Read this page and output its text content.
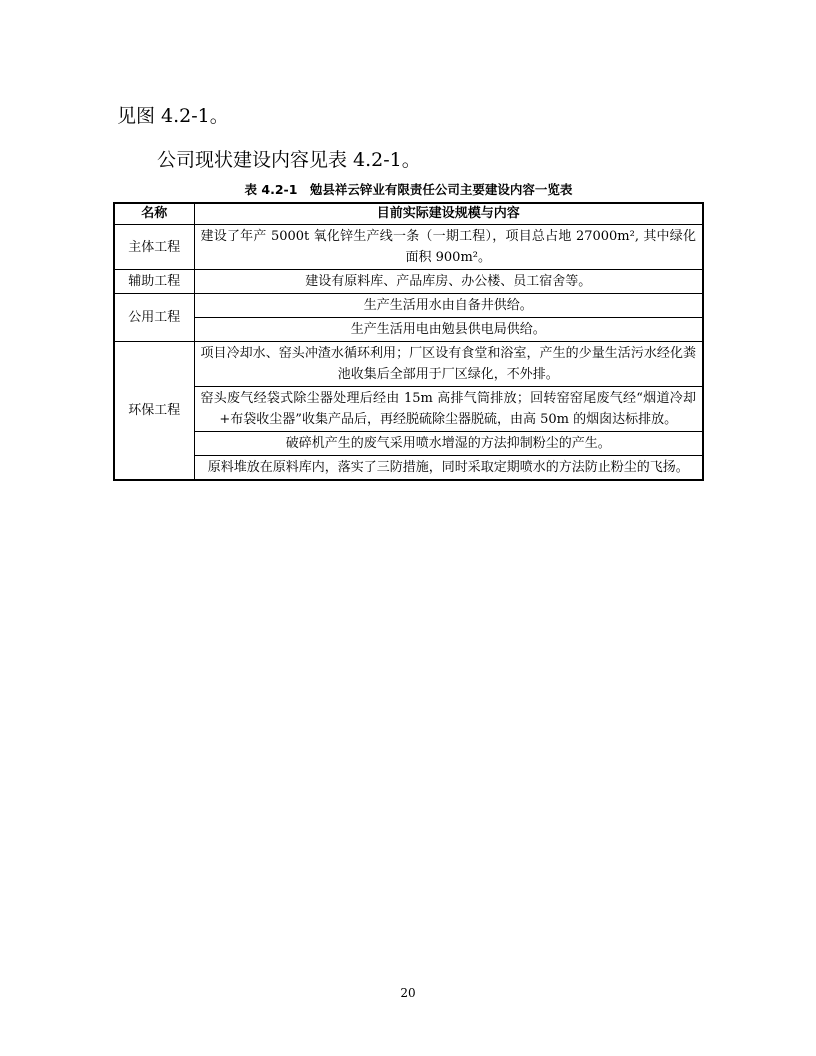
见图 4.2-1。
公司现状建设内容见表 4.2-1。
表 4.2-1　勉县祥云锌业有限责任公司主要建设内容一览表
名称	目前实际建设规模与内容
主体工程	建设了年产 5000t 氧化锌生产线一条（一期工程），项目总占地 27000m², 其中绿化面积 900m²。
辅助工程	建设有原料库、产品库房、办公楼、员工宿舍等。
公用工程	生产生活用水由自备井供给。
	生产生活用电由勉县供电局供给。
环保工程	项目冷却水、窑头冲渣水循环利用；厂区设有食堂和浴室，产生的少量生活污水经化粪池收集后全部用于厂区绿化，不外排。
	窑头废气经袋式除尘器处理后经由 15m 高排气筒排放；回转窑窑尾废气经“烟道冷却+布袋收尘器”收集产品后，再经脱硫除尘器脱硫，由高 50m 的烟囱达标排放。
	破碎机产生的废气采用喷水增湿的方法抑制粉尘的产生。
	原料堆放在原料库内，落实了三防措施，同时采取定期喷水的方法防止粉尘的飞扬。
20
